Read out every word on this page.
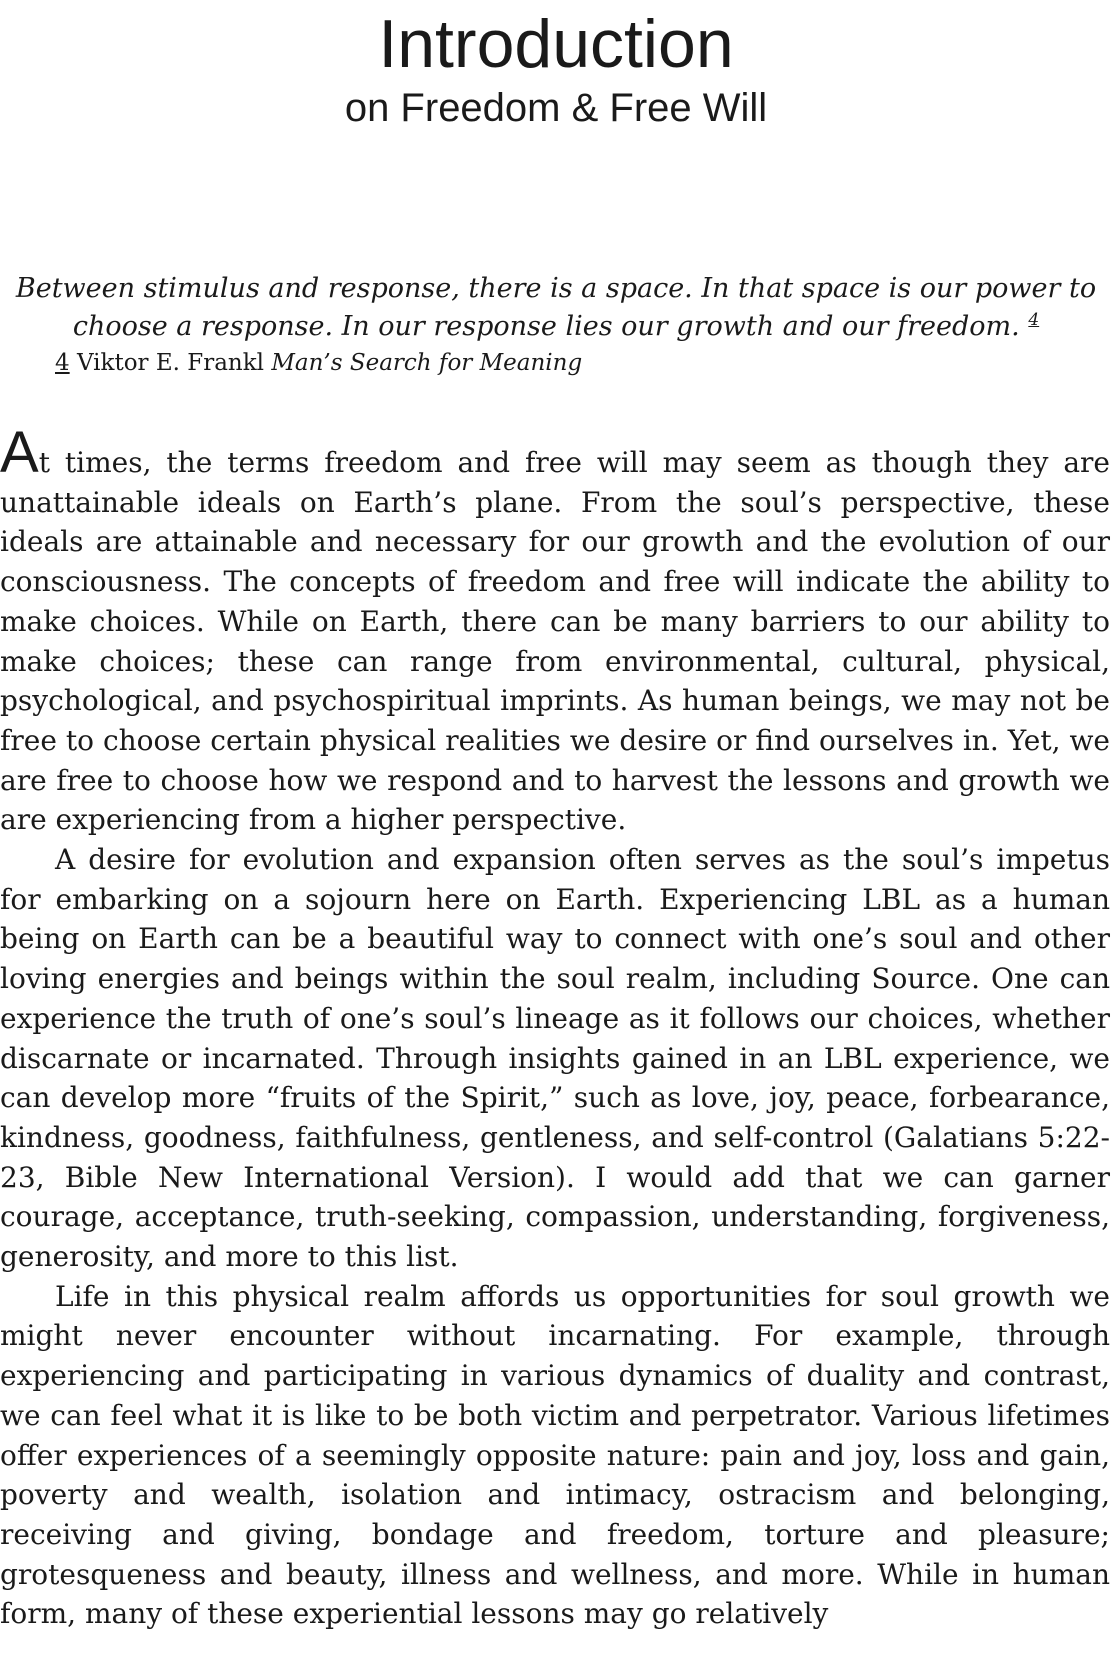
Introduction
on Freedom & Free Will

Between stimulus and response, there is a space. In that space is our power to choose a response. In our response lies our growth and our freedom. $^4$

4 Viktor E. Frankl Man’s Search for Meaning

At times, the terms freedom and free will may seem as though they are unattainable ideals on Earth’s plane. From the soul’s perspective, these ideals are attainable and necessary for our growth and the evolution of our consciousness. The concepts of freedom and free will indicate the ability to make choices. While on Earth, there can be many barriers to our ability to make choices; these can range from environmental, cultural, physical, psychological, and psychospiritual imprints. As human beings, we may not be free to choose certain physical realities we desire or find ourselves in. Yet, we are free to choose how we respond and to harvest the lessons and growth we are experiencing from a higher perspective.

A desire for evolution and expansion often serves as the soul’s impetus for embarking on a sojourn here on Earth. Experiencing LBL as a human being on Earth can be a beautiful way to connect with one’s soul and other loving energies and beings within the soul realm, including Source. One can experience the truth of one’s soul’s lineage as it follows our choices, whether discarnate or incarnated. Through insights gained in an LBL experience, we can develop more “fruits of the Spirit,” such as love, joy, peace, forbearance, kindness, goodness, faithfulness, gentleness, and self-control (Galatians 5:22-23, Bible New International Version). I would add that we can garner courage, acceptance, truth-seeking, compassion, understanding, forgiveness, generosity, and more to this list.

Life in this physical realm affords us opportunities for soul growth we might never encounter without incarnating. For example, through experiencing and participating in various dynamics of duality and contrast, we can feel what it is like to be both victim and perpetrator. Various lifetimes offer experiences of a seemingly opposite nature: pain and joy, loss and gain, poverty and wealth, isolation and intimacy, ostracism and belonging, receiving and giving, bondage and freedom, torture and pleasure; grotesqueness and beauty, illness and wellness, and more. While in human form, many of these experiential lessons may go relatively
